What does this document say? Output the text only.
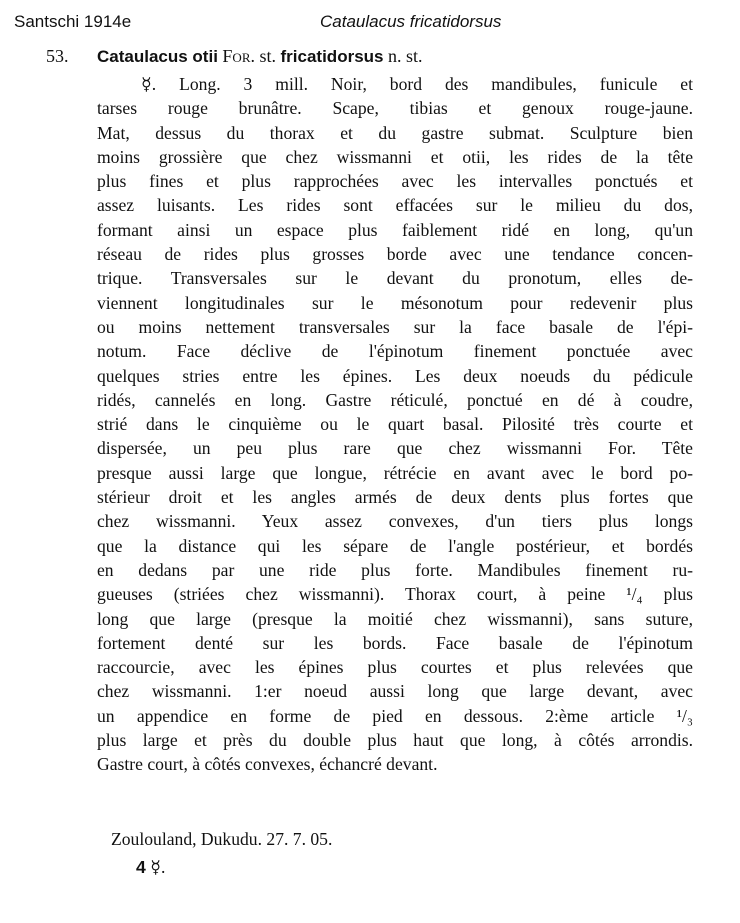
Santschi 1914e	Cataulacus fricatidorsus
53. Cataulacus otii For. st. fricatidorsus n. st.
☿. Long. 3 mill. Noir, bord des mandibules, funicule et
tarses rouge brunâtre. Scape, tibias et genoux rouge-jaune.
Mat, dessus du thorax et du gastre submat. Sculpture bien
moins grossière que chez wissmanni et otii, les rides de la tête
plus fines et plus rapprochées avec les intervalles ponctués et
assez luisants. Les rides sont effacées sur le milieu du dos,
formant ainsi un espace plus faiblement ridé en long, qu'un
réseau de rides plus grosses borde avec une tendance concen-
trique. Transversales sur le devant du pronotum, elles de-
viennent longitudinales sur le mésonotum pour redevenir plus
ou moins nettement transversales sur la face basale de l'épi-
notum. Face déclive de l'épinotum finement ponctuée avec
quelques stries entre les épines. Les deux noeuds du pédicule
ridés, cannelés en long. Gastre réticulé, ponctué en dé à coudre,
strié dans le cinquième ou le quart basal. Pilosité très courte et
dispersée, un peu plus rare que chez wissmanni For. Tête
presque aussi large que longue, rétrécie en avant avec le bord po-
stérieur droit et les angles armés de deux dents plus fortes que
chez wissmanni. Yeux assez convexes, d'un tiers plus longs
que la distance qui les sépare de l'angle postérieur, et bordés
en dedans par une ride plus forte. Mandibules finement ru-
gueuses (striées chez wissmanni). Thorax court, à peine ¹/₄ plus
long que large (presque la moitié chez wissmanni), sans suture,
fortement denté sur les bords. Face basale de l'épinotum
raccourcie, avec les épines plus courtes et plus relevées que
chez wissmanni. 1:er noeud aussi long que large devant, avec
un appendice en forme de pied en dessous. 2:ème article ¹/₃
plus large et près du double plus haut que long, à côtés arrondis.
Gastre court, à côtés convexes, échancré devant.
Zoulouland, Dukudu. 27. 7. 05.
4 ☿.
